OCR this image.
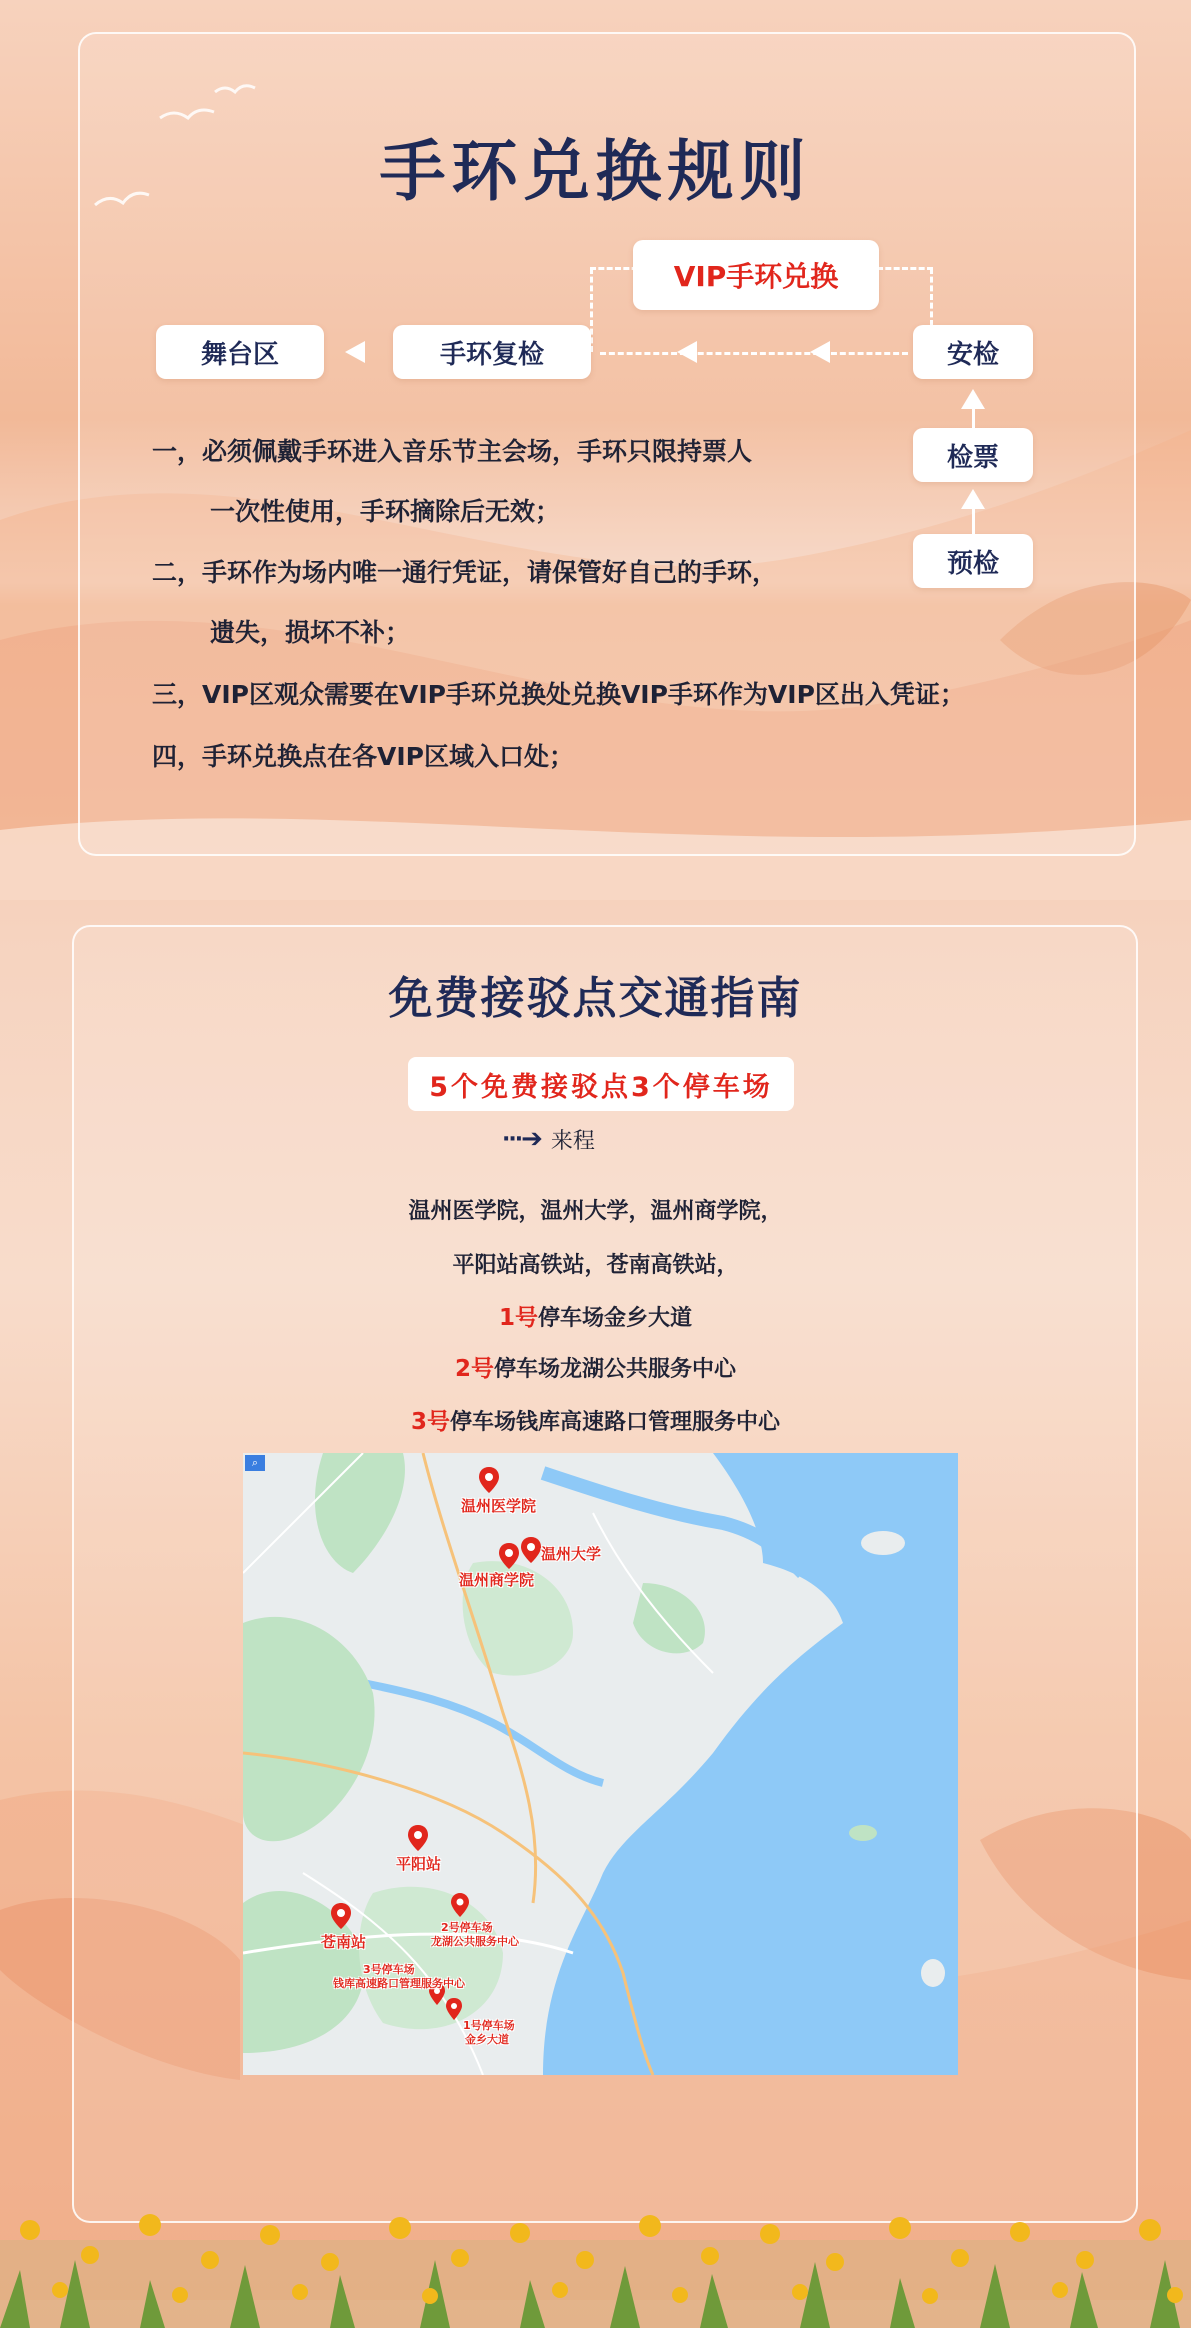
手环兑换规则
VIP手环兑换
舞台区	手环复检	安检
检票
预检
一，必须佩戴手环进入音乐节主会场，手环只限持票人
一次性使用，手环摘除后无效；
二，手环作为场内唯一通行凭证，请保管好自己的手环，
遗失，损坏不补；
三，VIP区观众需要在VIP手环兑换处兑换VIP手环作为VIP区出入凭证；
四，手环兑换点在各VIP区域入口处；
免费接驳点交通指南
5个免费接驳点3个停车场
··· ➔ 来程
温州医学院，温州大学，温州商学院，
平阳站高铁站，苍南高铁站，
1号停车场金乡大道
2号停车场龙湖公共服务中心
3号停车场钱库高速路口管理服务中心
⌕
温州医学院
温州大学
温州商学院
平阳站
苍南站
2号停车场
龙湖公共服务中心
3号停车场
钱库高速路口管理服务中心
1号停车场
金乡大道
